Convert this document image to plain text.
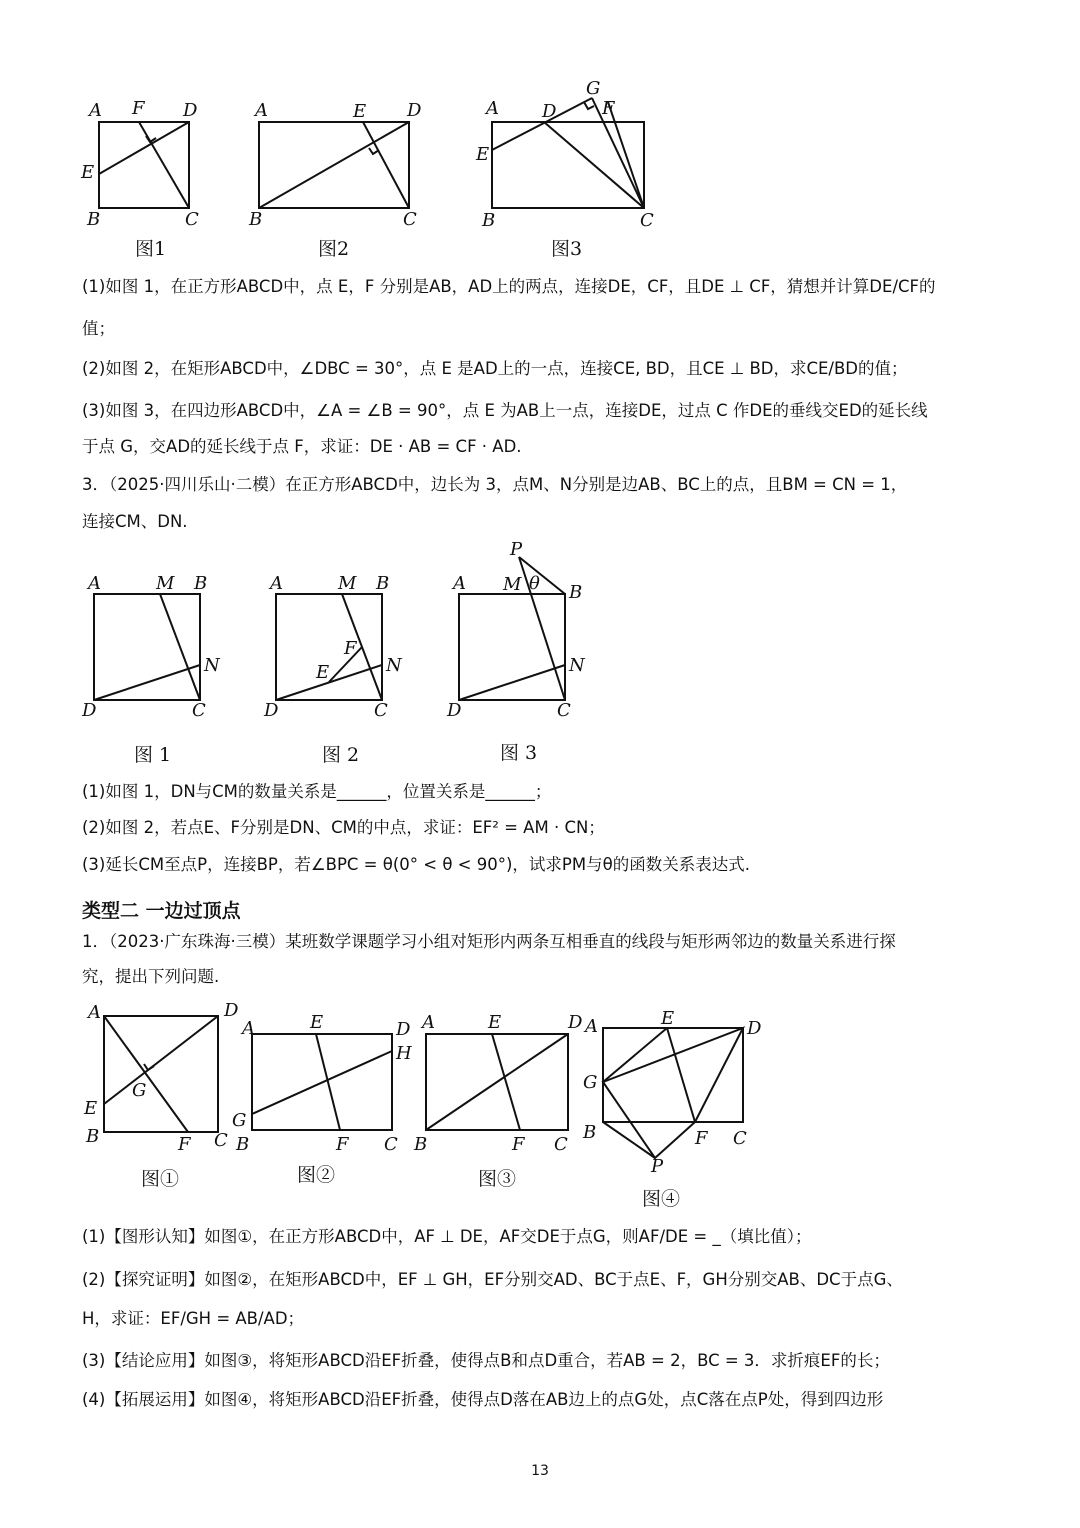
A F D
E
B	C
图1
A	E D
B	C
图2
A D
G
F
E
B	C
图3
(1)如图 1，在正方形ABCD中，点 E，F 分别是AB，AD上的两点，连接DE，CF，且DE ⊥ CF，猜想并计算DE/CF的
值；
(2)如图 2，在矩形ABCD中，∠DBC = 30°，点 E 是AD上的一点，连接CE, BD，且CE ⊥ BD，求CE/BD的值；
(3)如图 3，在四边形ABCD中，∠A = ∠B = 90°，点 E 为AB上一点，连接DE，过点 C 作DE的垂线交ED的延长线
于点 G，交AD的延长线于点 F，求证：DE · AB = CF · AD.
3．（2025·四川乐山·二模）在正方形ABCD中，边长为 3，点M、N分别是边AB、BC上的点，且BM = CN = 1，
连接CM、DN.
A	M B
N
D	C
图 1
A	M B
F
E	N
D	C
图 2
P
A M θ B
N
D	C
图 3
(1)如图 1，DN与CM的数量关系是______，位置关系是______；
(2)如图 2，若点E、F分别是DN、CM的中点，求证：EF² = AM · CN；
(3)延长CM至点P，连接BP，若∠BPC = θ(0° < θ < 90°)，试求PM与θ的函数关系表达式.
类型二 一边过顶点
1．（2023·广东珠海·三模）某班数学课题学习小组对矩形内两条互相垂直的线段与矩形两邻边的数量关系进行探
究，提出下列问题.
A	D
G
E
B	F C
图①
A	E	D
H
G
B	F C
图②
A	E	D
B	F C
图③
A	E	D
G
B	F C
P
图④
(1)【图形认知】如图①，在正方形ABCD中，AF ⊥ DE，AF交DE于点G，则AF/DE = _（填比值）；
(2)【探究证明】如图②，在矩形ABCD中，EF ⊥ GH，EF分别交AD、BC于点E、F，GH分别交AB、DC于点G、
H，求证：EF/GH = AB/AD；
(3)【结论应用】如图③，将矩形ABCD沿EF折叠，使得点B和点D重合，若AB = 2，BC = 3．求折痕EF的长；
(4)【拓展运用】如图④，将矩形ABCD沿EF折叠，使得点D落在AB边上的点G处，点C落在点P处，得到四边形
13
